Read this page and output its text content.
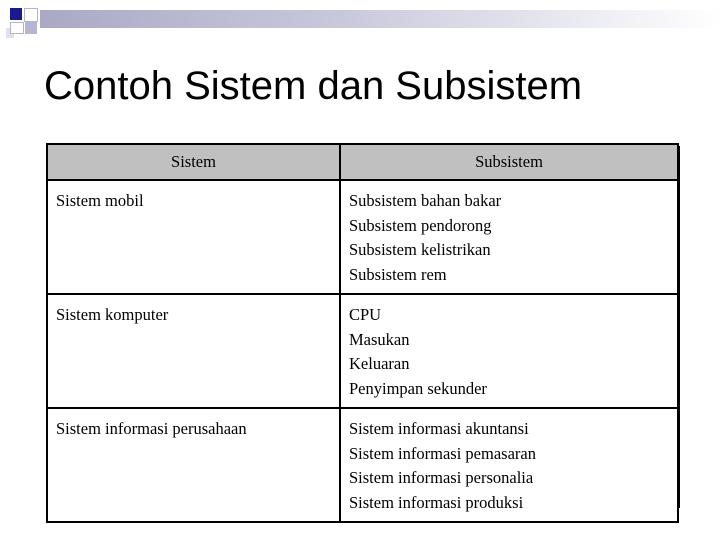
Contoh Sistem dan Subsistem
Sistem	Subsistem
Sistem mobil	Subsistem bahan bakar
Subsistem pendorong
Subsistem kelistrikan
Subsistem rem

Sistem komputer	CPU
Masukan
Keluaran
Penyimpan sekunder

Sistem informasi perusahaan	Sistem informasi akuntansi
Sistem informasi pemasaran
Sistem informasi personalia
Sistem informasi produksi
